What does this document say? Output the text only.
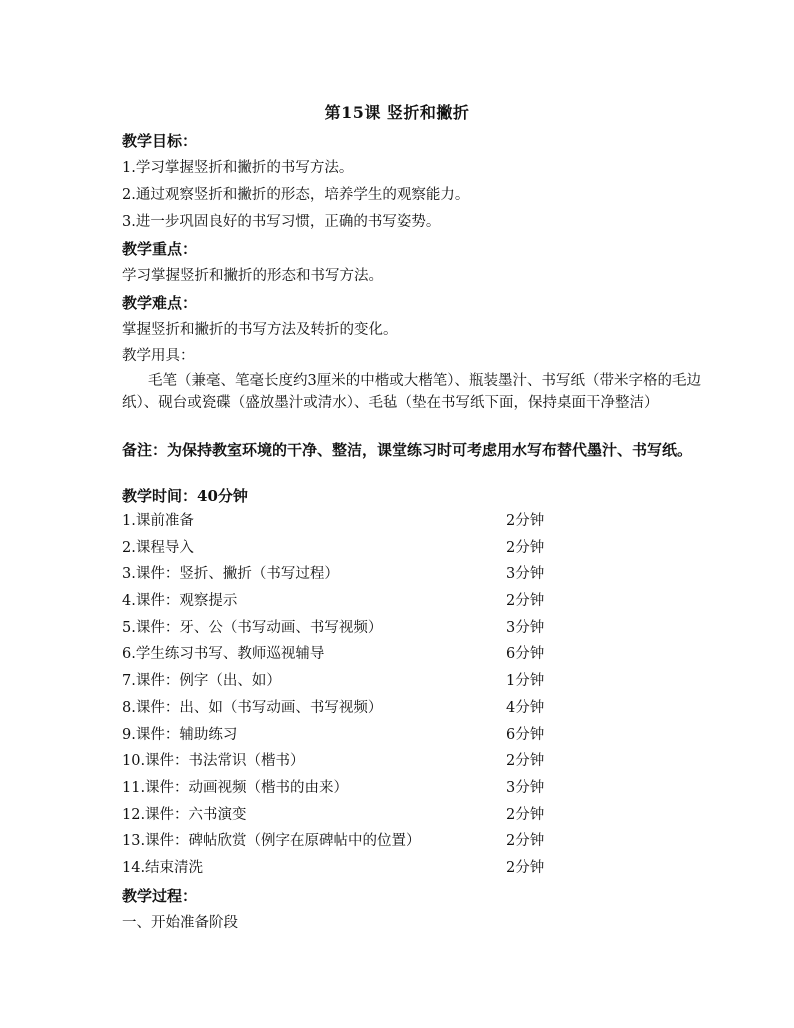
第15课 竖折和撇折
教学目标：
1.学习掌握竖折和撇折的书写方法。
2.通过观察竖折和撇折的形态，培养学生的观察能力。
3.进一步巩固良好的书写习惯，正确的书写姿势。
教学重点：
学习掌握竖折和撇折的形态和书写方法。
教学难点：
掌握竖折和撇折的书写方法及转折的变化。
教学用具：
毛笔（兼毫、笔毫长度约3厘米的中楷或大楷笔）、瓶装墨汁、书写纸（带米字格的毛边纸）、砚台或瓷碟（盛放墨汁或清水）、毛毡（垫在书写纸下面，保持桌面干净整洁）
备注：为保持教室环境的干净、整洁，课堂练习时可考虑用水写布替代墨汁、书写纸。
教学时间：40分钟
1.课前准备	2分钟
2.课程导入	2分钟
3.课件：竖折、撇折（书写过程）	3分钟
4.课件：观察提示	2分钟
5.课件：牙、公（书写动画、书写视频）	3分钟
6.学生练习书写、教师巡视辅导	6分钟
7.课件：例字（出、如）	1分钟
8.课件：出、如（书写动画、书写视频）	4分钟
9.课件：辅助练习	6分钟
10.课件：书法常识（楷书）	2分钟
11.课件：动画视频（楷书的由来）	3分钟
12.课件：六书演变	2分钟
13.课件：碑帖欣赏（例字在原碑帖中的位置）	2分钟
14.结束清洗	2分钟
教学过程：
一、开始准备阶段
